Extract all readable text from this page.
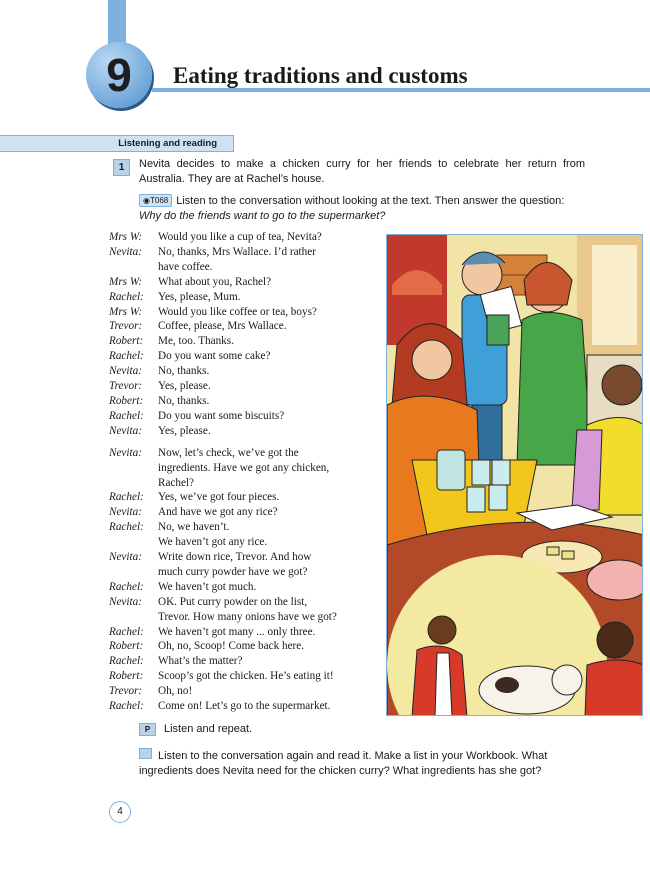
9 Eating traditions and customs
Listening and reading
1	Nevita decides to make a chicken curry for her friends to celebrate her return from Australia. They are at Rachel’s house.
◉T068 Listen to the conversation without looking at the text. Then answer the question:
Why do the friends want to go to the supermarket?
Mrs W:	Would you like a cup of tea, Nevita?
Nevita:	No, thanks, Mrs Wallace. I’d rather
have coffee.
Mrs W:	What about you, Rachel?
Rachel:	Yes, please, Mum.
Mrs W:	Would you like coffee or tea, boys?
Trevor:	Coffee, please, Mrs Wallace.
Robert:	Me, too. Thanks.
Rachel:	Do you want some cake?
Nevita:	No, thanks.
Trevor:	Yes, please.
Robert:	No, thanks.
Rachel:	Do you want some biscuits?
Nevita:	Yes, please.
Nevita:	Now, let’s check, we’ve got the
ingredients. Have we got any chicken,
Rachel?
Rachel:	Yes, we’ve got four pieces.
Nevita:	And have we got any rice?
Rachel:	No, we haven’t.
We haven’t got any rice.
Nevita:	Write down rice, Trevor. And how
much curry powder have we got?
Rachel:	We haven’t got much.
Nevita:	OK. Put curry powder on the list,
Trevor. How many onions have we got?
Rachel:	We haven’t got many ... only three.
Robert:	Oh, no, Scoop! Come back here.
Rachel:	What’s the matter?
Robert:	Scoop’s got the chicken. He’s eating it!
Trevor:	Oh, no!
Rachel:	Come on! Let’s go to the supermarket.
P Listen and repeat.
Listen to the conversation again and read it. Make a list in your Workbook. What
ingredients does Nevita need for the chicken curry? What ingredients has she got?
4
